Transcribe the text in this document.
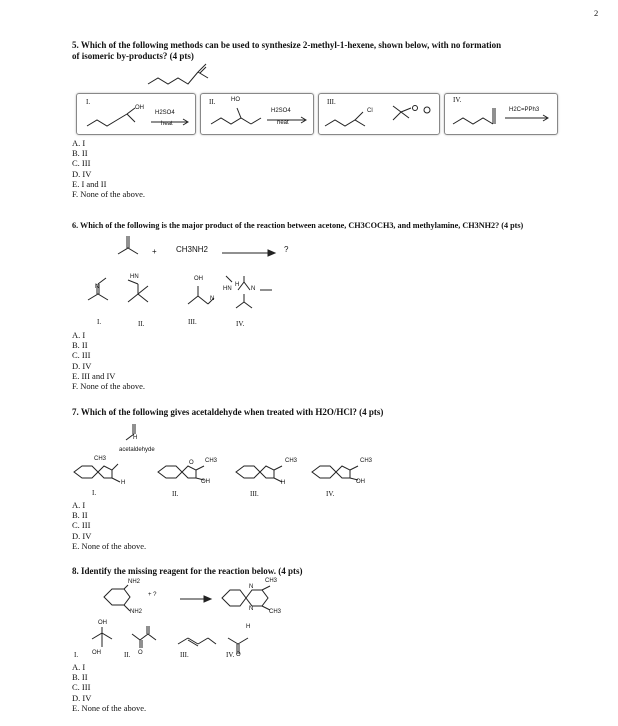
2
5. Which of the following methods can be used to synthesize 2-methyl-1-hexene, shown below, with no formation
of isomeric by-products? (4 pts)
I.
OH
H2SO4
heat
II.	HO
H2SO4
heat
III.
Cl
IV.
H2C=PPh3
A. I
B. II
C. III
D. IV
E. I and II
F. None of the above.
6. Which of the following is the major product of the reaction between acetone, CH3COCH3, and methylamine, CH3NH2? (4 pts)
+ CH3NH2	?
N
HN	OH
N
HN
H
N
I.	II.	III.	IV.
A. I
B. II
C. III
D. IV
E. III and IV
F. None of the above.
7. Which of the following gives acetaldehyde when treated with H2O/HCl? (4 pts)
H
acetaldehyde
CH3
H
O CH3
OH
CH3
H
CH3
OH
I.	II.	III.	IV.
A. I
B. II
C. III
D. IV
E. None of the above.
8. Identify the missing reagent for the reaction below. (4 pts)
NH2
NH2
+ ?
N
CH3
N	CH3
OH
OH	O
H
O
I.	II.	III.	IV.
A. I
B. II
C. III
D. IV
E. None of the above.
